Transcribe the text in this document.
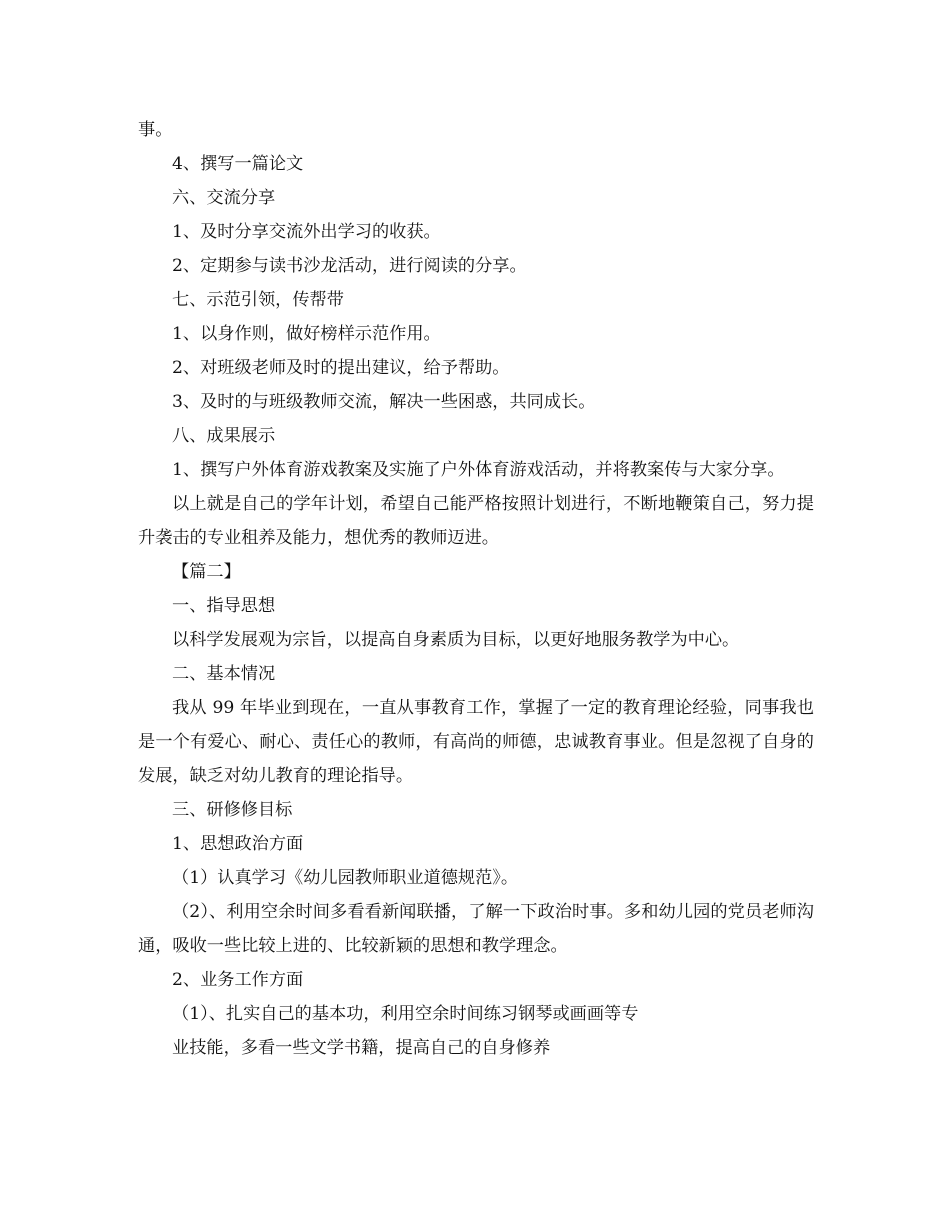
事。

4、撰写一篇论文

六、交流分享

1、及时分享交流外出学习的收获。

2、定期参与读书沙龙活动，进行阅读的分享。

七、示范引领，传帮带

1、以身作则，做好榜样示范作用。

2、对班级老师及时的提出建议，给予帮助。

3、及时的与班级教师交流，解决一些困惑，共同成长。

八、成果展示

1、撰写户外体育游戏教案及实施了户外体育游戏活动，并将教案传与大家分享。

以上就是自己的学年计划，希望自己能严格按照计划进行，不断地鞭策自己，努力提升袭击的专业租养及能力，想优秀的教师迈进。

【篇二】

一、指导思想

以科学发展观为宗旨，以提高自身素质为目标，以更好地服务教学为中心。

二、基本情况

我从 99 年毕业到现在，一直从事教育工作，掌握了一定的教育理论经验，同事我也是一个有爱心、耐心、责任心的教师，有高尚的师德，忠诚教育事业。但是忽视了自身的发展，缺乏对幼儿教育的理论指导。

三、研修修目标

1、思想政治方面

（1）认真学习《幼儿园教师职业道德规范》。

（2）、利用空余时间多看看新闻联播，了解一下政治时事。多和幼儿园的党员老师沟通，吸收一些比较上进的、比较新颖的思想和教学理念。

2、业务工作方面

（1）、扎实自己的基本功，利用空余时间练习钢琴或画画等专

业技能，多看一些文学书籍，提高自己的自身修养
